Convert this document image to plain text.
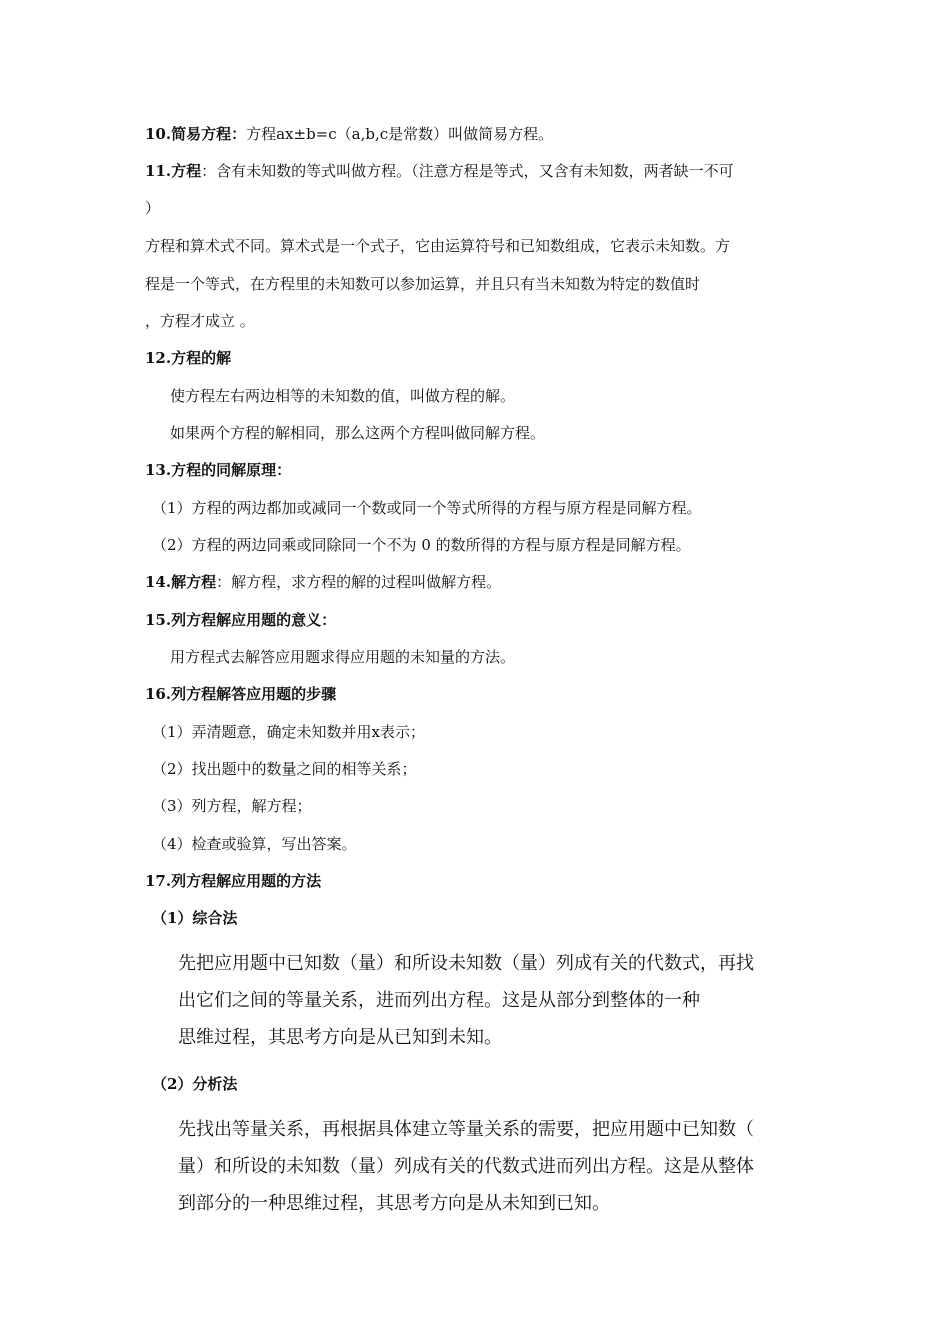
10.简易方程：方程ax±b=c（a,b,c是常数）叫做简易方程。
11.方程：含有未知数的等式叫做方程。（注意方程是等式，又含有未知数，两者缺一不可
）
方程和算术式不同。算术式是一个式子，它由运算符号和已知数组成，它表示未知数。方
程是一个等式，在方程里的未知数可以参加运算，并且只有当未知数为特定的数值时
，方程才成立 。
12.方程的解
使方程左右两边相等的未知数的值，叫做方程的解。
如果两个方程的解相同，那么这两个方程叫做同解方程。
13.方程的同解原理：
（1）方程的两边都加或减同一个数或同一个等式所得的方程与原方程是同解方程。
（2）方程的两边同乘或同除同一个不为 0 的数所得的方程与原方程是同解方程。
14.解方程：解方程，求方程的解的过程叫做解方程。
15.列方程解应用题的意义：
用方程式去解答应用题求得应用题的未知量的方法。
16.列方程解答应用题的步骤
（1）弄清题意，确定未知数并用x表示；
（2）找出题中的数量之间的相等关系；
（3）列方程，解方程；
（4）检查或验算，写出答案。
17.列方程解应用题的方法
（1）综合法
先把应用题中已知数（量）和所设未知数（量）列成有关的代数式，再找
出它们之间的等量关系，进而列出方程。这是从部分到整体的一种
思维过程，其思考方向是从已知到未知。
（2）分析法
先找出等量关系，再根据具体建立等量关系的需要，把应用题中已知数（
量）和所设的未知数（量）列成有关的代数式进而列出方程。这是从整体
到部分的一种思维过程，其思考方向是从未知到已知。
